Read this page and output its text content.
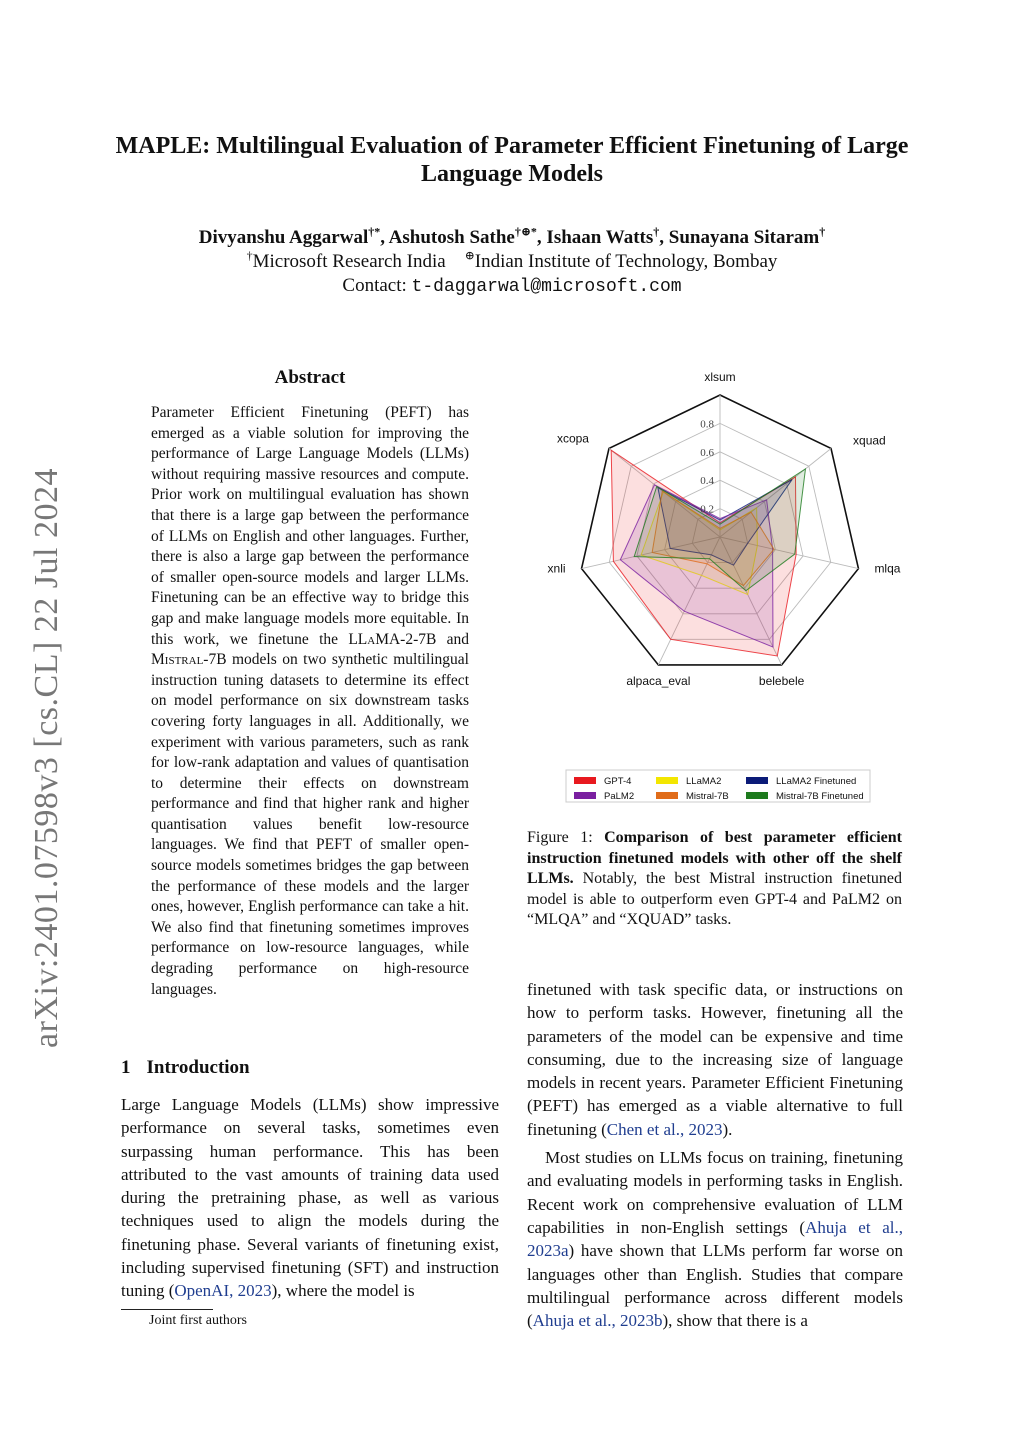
arXiv:2401.07598v3 [cs.CL] 22 Jul 2024
MAPLE: Multilingual Evaluation of Parameter Efficient Finetuning of Large Language Models
Divyanshu Aggarwal†*, Ashutosh Sathe†⊕*, Ishaan Watts†, Sunayana Sitaram†
†Microsoft Research India ⊕Indian Institute of Technology, Bombay
Contact: t-daggarwal@microsoft.com
Abstract
Parameter Efficient Finetuning (PEFT) has emerged as a viable solution for improving the performance of Large Language Models (LLMs) without requiring massive resources and compute. Prior work on multilingual evaluation has shown that there is a large gap between the performance of LLMs on English and other languages. Further, there is also a large gap between the performance of smaller open-source models and larger LLMs. Finetuning can be an effective way to bridge this gap and make language models more equitable. In this work, we finetune the LLaMA-2-7B and Mistral-7B models on two synthetic multilingual instruction tuning datasets to determine its effect on model performance on six downstream tasks covering forty languages in all. Additionally, we experiment with various parameters, such as rank for low-rank adaptation and values of quantisation to determine their effects on downstream performance and find that higher rank and higher quantisation values benefit low-resource languages. We find that PEFT of smaller open-source models sometimes bridges the gap between the performance of these models and the larger ones, however, English performance can take a hit. We also find that finetuning sometimes improves performance on low-resource languages, while degrading performance on high-resource languages.
1 Introduction
Large Language Models (LLMs) show impressive performance on several tasks, sometimes even surpassing human performance. This has been attributed to the vast amounts of training data used during the pretraining phase, as well as various techniques used to align the models during the finetuning phase. Several variants of finetuning exist, including supervised finetuning (SFT) and instruction tuning (OpenAI, 2023), where the model is
Joint first authors
0.2
0.4
0.6
0.8
xlsum
xquad
mlqa
belebele
alpaca_eval
xnli
xcopa
GPT-4	LLaMA2	LLaMA2 Finetuned
PaLM2	Mistral-7B	Mistral-7B Finetuned
Figure 1: Comparison of best parameter efficient instruction finetuned models with other off the shelf LLMs. Notably, the best Mistral instruction finetuned model is able to outperform even GPT-4 and PaLM2 on “MLQA” and “XQUAD” tasks.

finetuned with task specific data, or instructions on how to perform tasks. However, finetuning all the parameters of the model can be expensive and time consuming, due to the increasing size of language models in recent years. Parameter Efficient Finetuning (PEFT) has emerged as a viable alternative to full finetuning (Chen et al., 2023).

Most studies on LLMs focus on training, finetuning and evaluating models in performing tasks in English. Recent work on comprehensive evaluation of LLM capabilities in non-English settings (Ahuja et al., 2023a) have shown that LLMs perform far worse on languages other than English. Studies that compare multilingual performance across different models (Ahuja et al., 2023b), show that there is a
